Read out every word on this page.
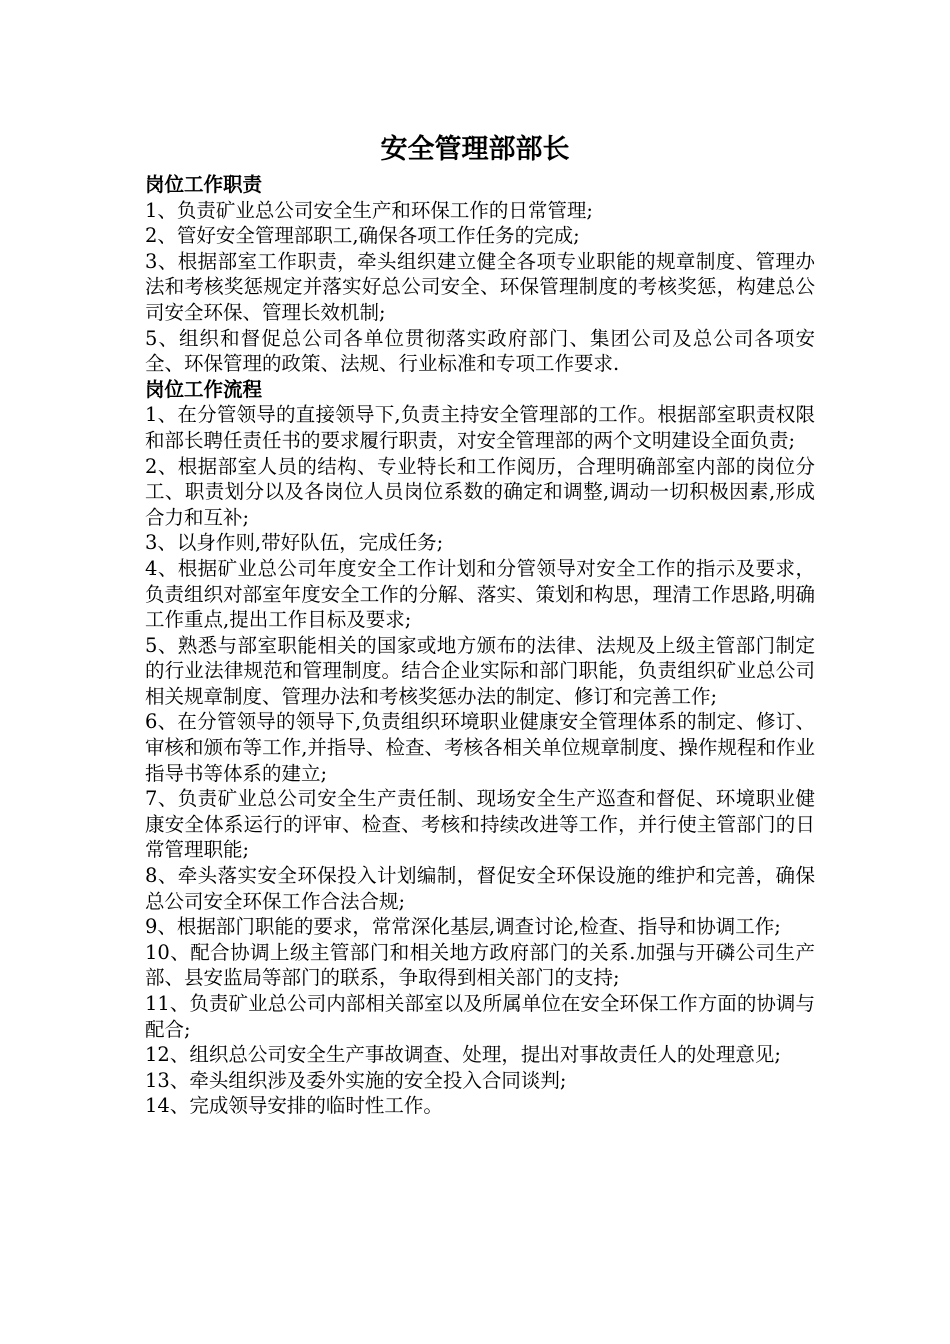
安全管理部部长

岗位工作职责

1、负责矿业总公司安全生产和环保工作的日常管理;

2、管好安全管理部职工,确保各项工作任务的完成;

3、根据部室工作职责，牵头组织建立健全各项专业职能的规章制度、管理办法和考核奖惩规定并落实好总公司安全、环保管理制度的考核奖惩，构建总公司安全环保、管理长效机制;

5、组织和督促总公司各单位贯彻落实政府部门、集团公司及总公司各项安全、环保管理的政策、法规、行业标准和专项工作要求.

岗位工作流程

1、在分管领导的直接领导下,负责主持安全管理部的工作。根据部室职责权限和部长聘任责任书的要求履行职责，对安全管理部的两个文明建设全面负责;

2、根据部室人员的结构、专业特长和工作阅历，合理明确部室内部的岗位分工、职责划分以及各岗位人员岗位系数的确定和调整,调动一切积极因素,形成合力和互补;

3、以身作则,带好队伍，完成任务;

4、根据矿业总公司年度安全工作计划和分管领导对安全工作的指示及要求，负责组织对部室年度安全工作的分解、落实、策划和构思，理清工作思路,明确工作重点,提出工作目标及要求;

5、熟悉与部室职能相关的国家或地方颁布的法律、法规及上级主管部门制定的行业法律规范和管理制度。结合企业实际和部门职能，负责组织矿业总公司相关规章制度、管理办法和考核奖惩办法的制定、修订和完善工作;

6、在分管领导的领导下,负责组织环境职业健康安全管理体系的制定、修订、审核和颁布等工作,并指导、检查、考核各相关单位规章制度、操作规程和作业指导书等体系的建立;

7、负责矿业总公司安全生产责任制、现场安全生产巡查和督促、环境职业健康安全体系运行的评审、检查、考核和持续改进等工作，并行使主管部门的日常管理职能;

8、牵头落实安全环保投入计划编制，督促安全环保设施的维护和完善，确保总公司安全环保工作合法合规;

9、根据部门职能的要求，常常深化基层,调查讨论,检查、指导和协调工作;

10、配合协调上级主管部门和相关地方政府部门的关系.加强与开磷公司生产部、县安监局等部门的联系，争取得到相关部门的支持;

11、负责矿业总公司内部相关部室以及所属单位在安全环保工作方面的协调与配合;

12、组织总公司安全生产事故调查、处理，提出对事故责任人的处理意见;

13、牵头组织涉及委外实施的安全投入合同谈判;

14、完成领导安排的临时性工作。
